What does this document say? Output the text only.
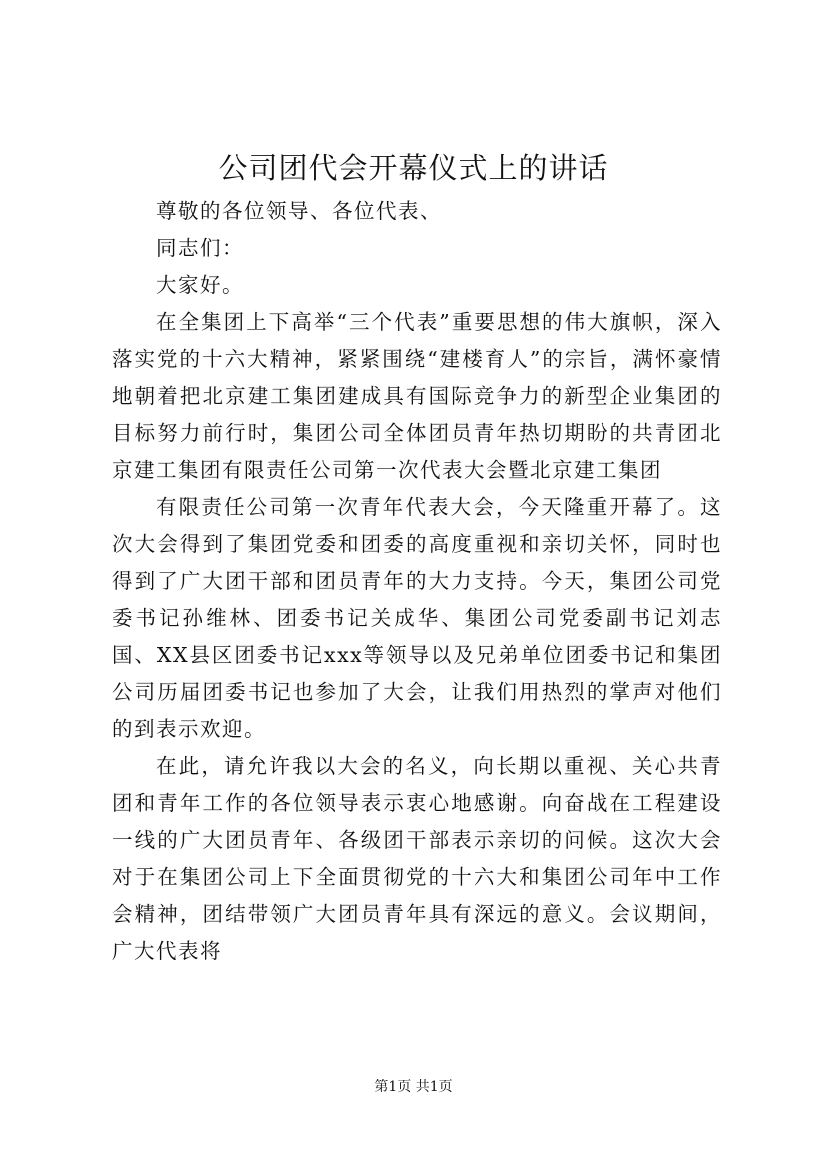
公司团代会开幕仪式上的讲话

尊敬的各位领导、各位代表、

同志们：

大家好。

在全集团上下高举“三个代表”重要思想的伟大旗帜，深入落实党的十六大精神，紧紧围绕“建楼育人”的宗旨，满怀豪情地朝着把北京建工集团建成具有国际竞争力的新型企业集团的目标努力前行时，集团公司全体团员青年热切期盼的共青团北京建工集团有限责任公司第一次代表大会暨北京建工集团

有限责任公司第一次青年代表大会，今天隆重开幕了。这次大会得到了集团党委和团委的高度重视和亲切关怀，同时也得到了广大团干部和团员青年的大力支持。今天，集团公司党委书记孙维林、团委书记关成华、集团公司党委副书记刘志国、XX县区团委书记xxx等领导以及兄弟单位团委书记和集团公司历届团委书记也参加了大会，让我们用热烈的掌声对他们的到表示欢迎。

在此，请允许我以大会的名义，向长期以重视、关心共青团和青年工作的各位领导表示衷心地感谢。向奋战在工程建设一线的广大团员青年、各级团干部表示亲切的问候。这次大会对于在集团公司上下全面贯彻党的十六大和集团公司年中工作会精神，团结带领广大团员青年具有深远的意义。会议期间，广大代表将

第1页 共1页
